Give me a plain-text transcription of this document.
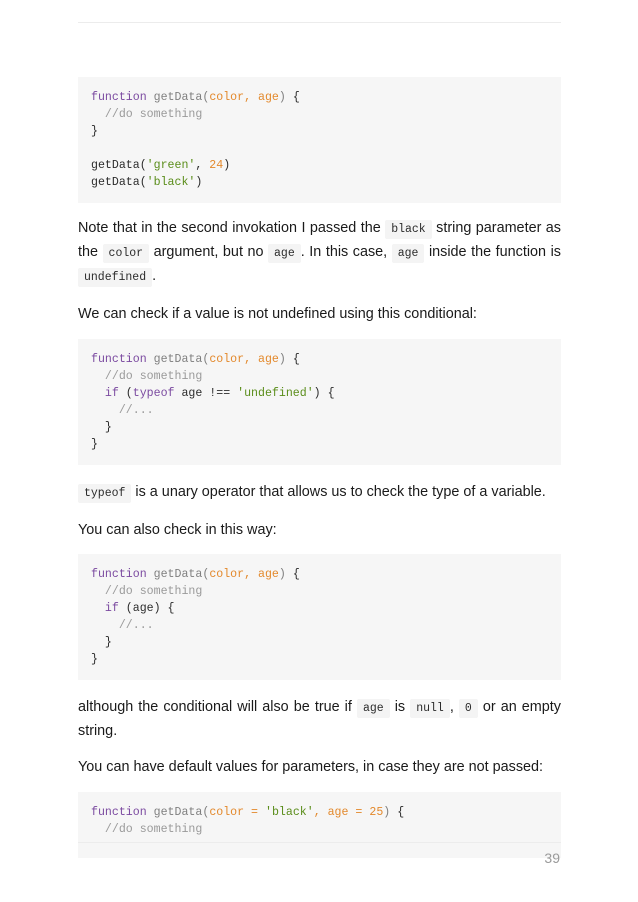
function getData(color, age) {
//do something
}
getData('green', 24)
getData('black')

Note that in the second invokation I passed the black string parameter as the color argument, but no age . In this case, age inside the function is undefined .

We can check if a value is not undefined using this conditional:

function getData(color, age) {
//do something
if (typeof age !== 'undefined') {
//...
}
}

typeof is a unary operator that allows us to check the type of a variable.

You can also check in this way:

function getData(color, age) {
//do something
if (age) {
//...
}
}

although the conditional will also be true if age is null , 0 or an empty string.

You can have default values for parameters, in case they are not passed:

function getData(color = 'black', age = 25) {
//do something
39
